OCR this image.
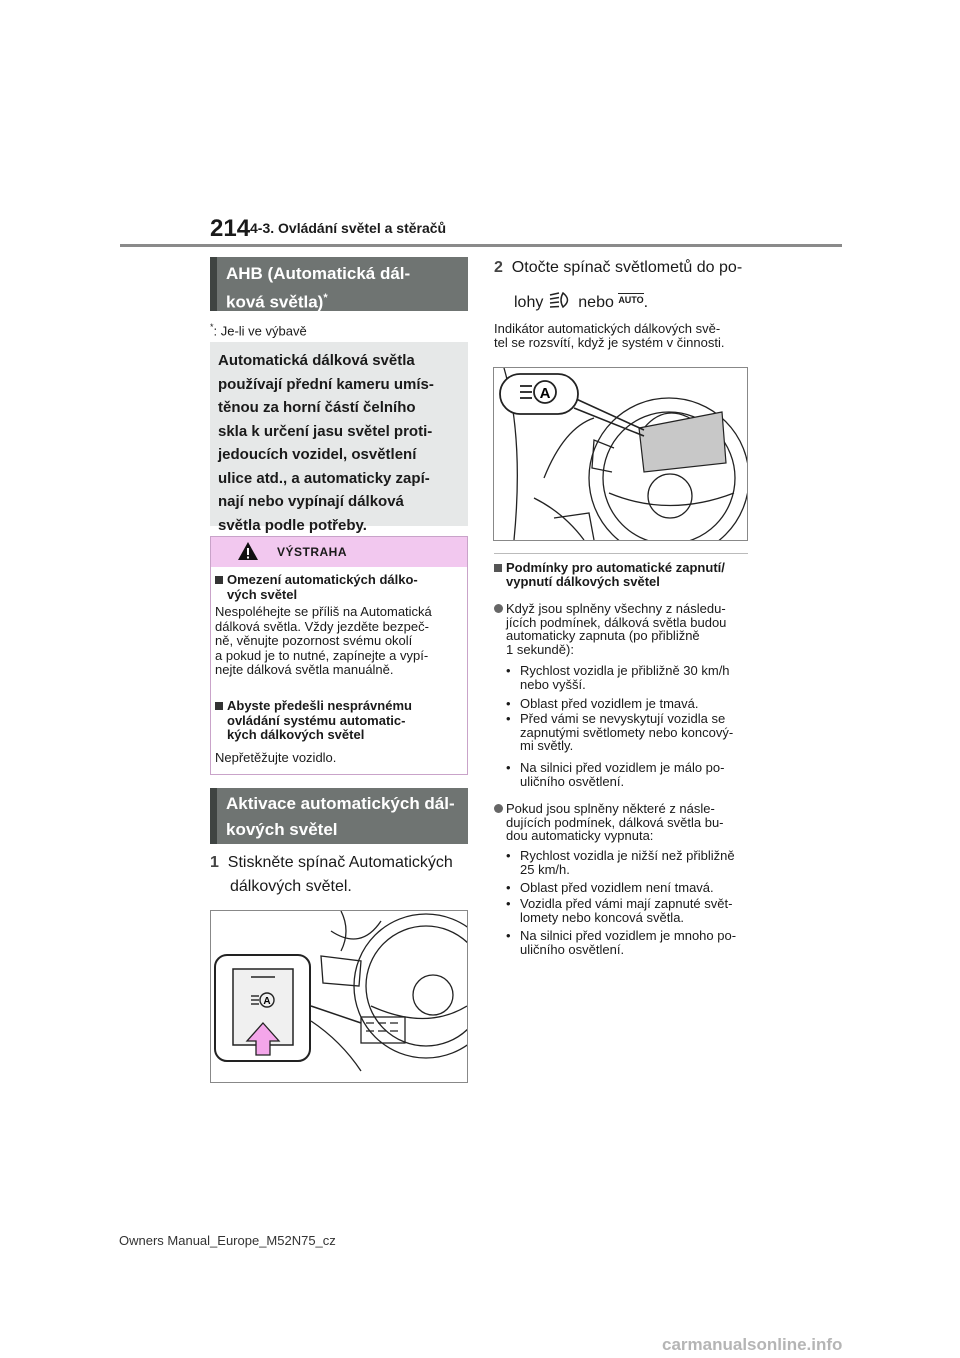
214 4-3. Ovládání světel a stěračů
AHB (Automatická dál-
ková světla)*
*: Je-li ve výbavě
Automatická dálková světla
používají přední kameru umís-
těnou za horní částí čelního
skla k určení jasu světel proti-
jedoucích vozidel, osvětlení
ulice atd., a automaticky zapí-
nají nebo vypínají dálková
světla podle potřeby.
VÝSTRAHA
Omezení automatických dálko-
vých světel
Nespoléhejte se příliš na Automatická
dálková světla. Vždy jezděte bezpeč-
ně, věnujte pozornost svému okolí
a pokud je to nutné, zapínejte a vypí-
nejte dálková světla manuálně.
Abyste předešli nesprávnému
ovládání systému automatic-
kých dálkových světel
Nepřetěžujte vozidlo.
Aktivace automatických dál-
kových světel
1 Stiskněte spínač Automatických
dálkových světel.
A
2 Otočte spínač světlometů do po-
lohy nebo $^{AUTO}$.
Indikátor automatických dálkových svě-
tel se rozsvítí, když je systém v činnosti.
A
Podmínky pro automatické zapnutí/
vypnutí dálkových světel
Když jsou splněny všechny z následu-
jících podmínek, dálková světla budou
automaticky zapnuta (po přibližně
1 sekundě):
• Rychlost vozidla je přibližně 30 km/h
nebo vyšší.
• Oblast před vozidlem je tmavá.
• Před vámi se nevyskytují vozidla se
zapnutými světlomety nebo koncový-
mi světly.
• Na silnici před vozidlem je málo po-
uličního osvětlení.
Pokud jsou splněny některé z násle-
dujících podmínek, dálková světla bu-
dou automaticky vypnuta:
• Rychlost vozidla je nižší než přibližně
25 km/h.
• Oblast před vozidlem není tmavá.
• Vozidla před vámi mají zapnuté svět-
lomety nebo koncová světla.
• Na silnici před vozidlem je mnoho po-
uličního osvětlení.
Owners Manual_Europe_M52N75_cz
carmanualsonline.info
